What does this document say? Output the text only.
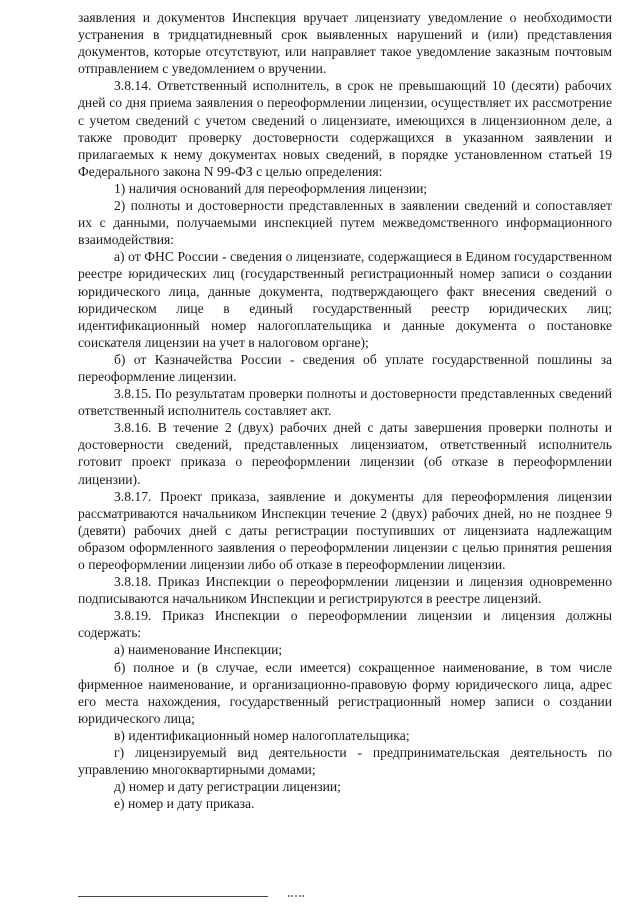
заявления и документов Инспекция вручает лицензиату уведомление о необходимости устранения в тридцатидневный срок выявленных нарушений и (или) представления документов, которые отсутствуют, или направляет такое уведомление заказным почтовым отправлением с уведомлением о вручении.

3.8.14. Ответственный исполнитель, в срок не превышающий 10 (десяти) рабочих дней со дня приема заявления о переоформлении лицензии, осуществляет их рассмотрение с учетом сведений с учетом сведений о лицензиате, имеющихся в лицензионном деле, а также проводит проверку достоверности содержащихся в указанном заявлении и прилагаемых к нему документах новых сведений, в порядке установленном статьей 19 Федерального закона N 99-ФЗ с целью определения:

1) наличия оснований для переоформления лицензии;

2) полноты и достоверности представленных в заявлении сведений и сопоставляет их с данными, получаемыми инспекцией путем межведомственного информационного взаимодействия:

а) от ФНС России - сведения о лицензиате, содержащиеся в Едином государственном реестре юридических лиц (государственный регистрационный номер записи о создании юридического лица, данные документа, подтверждающего факт внесения сведений о юридическом лице в единый государственный реестр юридических лиц; идентификационный номер налогоплательщика и данные документа о постановке соискателя лицензии на учет в налоговом органе);

б) от Казначейства России - сведения об уплате государственной пошлины за переоформление лицензии.

3.8.15. По результатам проверки полноты и достоверности представленных сведений ответственный исполнитель составляет акт.

3.8.16. В течение 2 (двух) рабочих дней с даты завершения проверки полноты и достоверности сведений, представленных лицензиатом, ответственный исполнитель готовит проект приказа о переоформлении лицензии (об отказе в переоформлении лицензии).

3.8.17. Проект приказа, заявление и документы для переоформления лицензии рассматриваются начальником Инспекции течение 2 (двух) рабочих дней, но не позднее 9 (девяти) рабочих дней с даты регистрации поступивших от лицензиата надлежащим образом оформленного заявления о переоформлении лицензии с целью принятия решения о переоформлении лицензии либо об отказе в переоформлении лицензии.

3.8.18. Приказ Инспекции о переоформлении лицензии и лицензия одновременно подписываются начальником Инспекции и регистрируются в реестре лицензий.

3.8.19. Приказ Инспекции о переоформлении лицензии и лицензия должны содержать:

а) наименование Инспекции;

б) полное и (в случае, если имеется) сокращенное наименование, в том числе фирменное наименование, и организационно-правовую форму юридического лица, адрес его места нахождения, государственный регистрационный номер записи о создании юридического лица;

в) идентификационный номер налогоплательщика;

г) лицензируемый вид деятельности - предпринимательская деятельность по управлению многоквартирными домами;

д) номер и дату регистрации лицензии;

е) номер и дату приказа.
